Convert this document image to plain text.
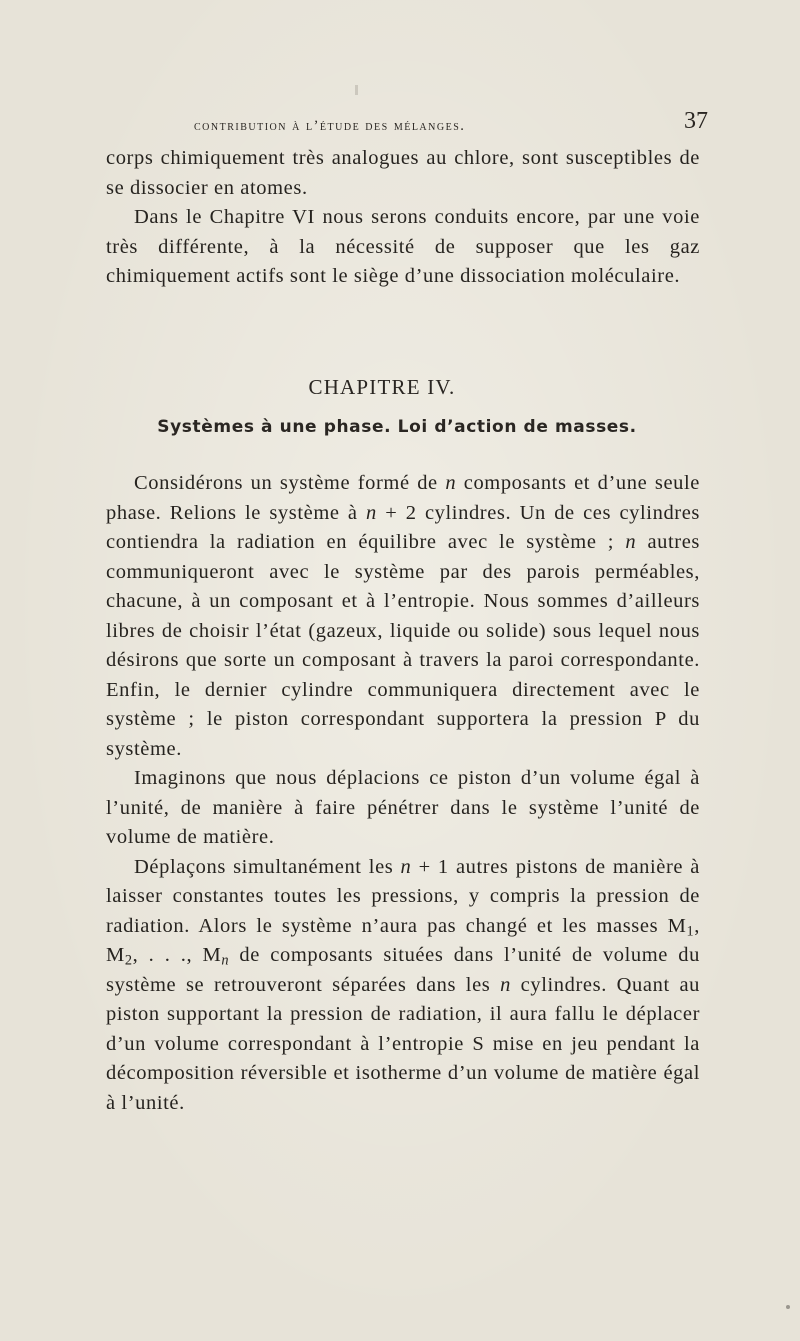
contribution à l’étude des mélanges.	37

corps chimiquement très analogues au chlore, sont susceptibles de se dissocier en atomes.

Dans le Chapitre VI nous serons conduits encore, par une voie très différente, à la nécessité de supposer que les gaz chimiquement actifs sont le siège d’une dissociation moléculaire.

CHAPITRE IV.
Systèmes à une phase. Loi d’action de masses.

Considérons un système formé de n composants et d’une seule phase. Relions le système à n + 2 cylindres. Un de ces cylindres contiendra la radiation en équilibre avec le système ; n autres communiqueront avec le système par des parois perméables, chacune, à un composant et à l’entropie. Nous sommes d’ailleurs libres de choisir l’état (gazeux, liquide ou solide) sous lequel nous désirons que sorte un composant à travers la paroi correspondante. Enfin, le dernier cylindre communiquera directement avec le système ; le piston correspondant supportera la pression P du système.

Imaginons que nous déplacions ce piston d’un volume égal à l’unité, de manière à faire pénétrer dans le système l’unité de volume de matière.

Déplaçons simultanément les n + 1 autres pistons de manière à laisser constantes toutes les pressions, y compris la pression de radiation. Alors le système n’aura pas changé et les masses $M_1$, $M_2$, . . ., $M_n$ de composants situées dans l’unité de volume du système se retrouveront séparées dans les n cylindres. Quant au piston supportant la pression de radiation, il aura fallu le déplacer d’un volume correspondant à l’entropie S mise en jeu pendant la décomposition réversible et isotherme d’un volume de matière égal à l’unité.
